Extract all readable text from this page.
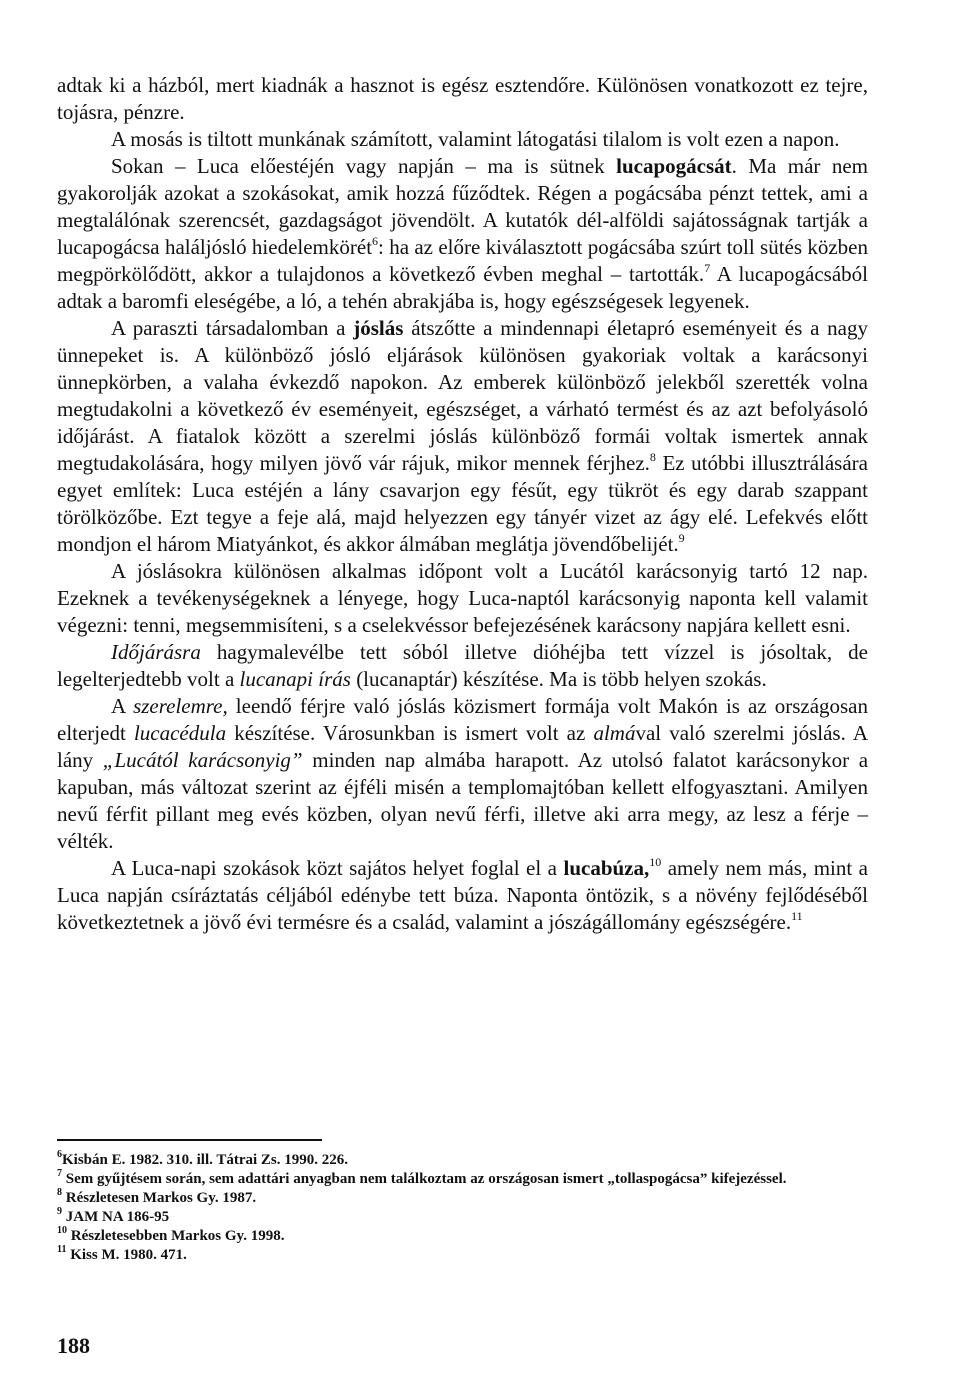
adtak ki a házból, mert kiadnák a hasznot is egész esztendőre. Különösen vonatkozott ez tejre, tojásra, pénzre.

A mosás is tiltott munkának számított, valamint látogatási tilalom is volt ezen a napon.

Sokan – Luca előestéjén vagy napján – ma is sütnek lucapogácsát. Ma már nem gyakorolják azokat a szokásokat, amik hozzá fűződtek. Régen a pogácsába pénzt tettek, ami a megtalálónak szerencsét, gazdagságot jövendölt. A kutatók dél-alföldi sajátosságnak tartják a lucapogácsa haláljósló hiedelemkörét$^6$: ha az előre kiválasztott pogácsába szúrt toll sütés közben megpörkölődött, akkor a tulajdonos a következő évben meghal – tartották.$^7$ A lucapogácsából adtak a baromfi eleségébe, a ló, a tehén abrakjába is, hogy egészségesek legyenek.

A paraszti társadalomban a jóslás átszőtte a mindennapi életapró eseményeit és a nagy ünnepeket is. A különböző jósló eljárások különösen gyakoriak voltak a karácsonyi ünnepkörben, a valaha évkezdő napokon. Az emberek különböző jelekből szerették volna megtudakolni a következő év eseményeit, egészséget, a várható termést és az azt befolyásoló időjárást. A fiatalok között a szerelmi jóslás különböző formái voltak ismertek annak megtudakolására, hogy milyen jövő vár rájuk, mikor mennek férjhez.$^8$ Ez utóbbi illusztrálására egyet említek: Luca estéjén a lány csavarjon egy fésűt, egy tükröt és egy darab szappant törölközőbe. Ezt tegye a feje alá, majd helyezzen egy tányér vizet az ágy elé. Lefekvés előtt mondjon el három Miatyánkot, és akkor álmában meglátja jövendőbelijét.$^9$

A jóslásokra különösen alkalmas időpont volt a Lucától karácsonyig tartó 12 nap. Ezeknek a tevékenységeknek a lényege, hogy Luca-naptól karácsonyig naponta kell valamit végezni: tenni, megsemmisíteni, s a cselekvéssor befejezésének karácsony napjára kellett esni.

Időjárásra hagymalevélbe tett sóból illetve dióhéjba tett vízzel is jósoltak, de legelterjedtebb volt a lucanapi írás (lucanaptár) készítése. Ma is több helyen szokás.

A szerelemre, leendő férjre való jóslás közismert formája volt Makón is az országosan elterjedt lucacédula készítése. Városunkban is ismert volt az almával való szerelmi jóslás. A lány „Lucától karácsonyig” minden nap almába harapott. Az utolsó falatot karácsonykor a kapuban, más változat szerint az éjféli misén a templomajtóban kellett elfogyasztani. Amilyen nevű férfit pillant meg evés közben, olyan nevű férfi, illetve aki arra megy, az lesz a férje – vélték.

A Luca-napi szokások közt sajátos helyet foglal el a lucabúza,$^{10}$ amely nem más, mint a Luca napján csíráztatás céljából edénybe tett búza. Naponta öntözik, s a növény fejlődéséből következtetnek a jövő évi termésre és a család, valamint a jószágállomány egészségére.$^{11}$

$^6$Kisbán E. 1982. 310. ill. Tátrai Zs. 1990. 226.

$^7$ Sem gyűjtésem során, sem adattári anyagban nem találkoztam az országosan ismert „tollaspogácsa” kifejezéssel.

$^8$ Részletesen Markos Gy. 1987.

$^9$ JAM NA 186-95

$^{10}$ Részletesebben Markos Gy. 1998.

$^{11}$ Kiss M. 1980. 471.

188
